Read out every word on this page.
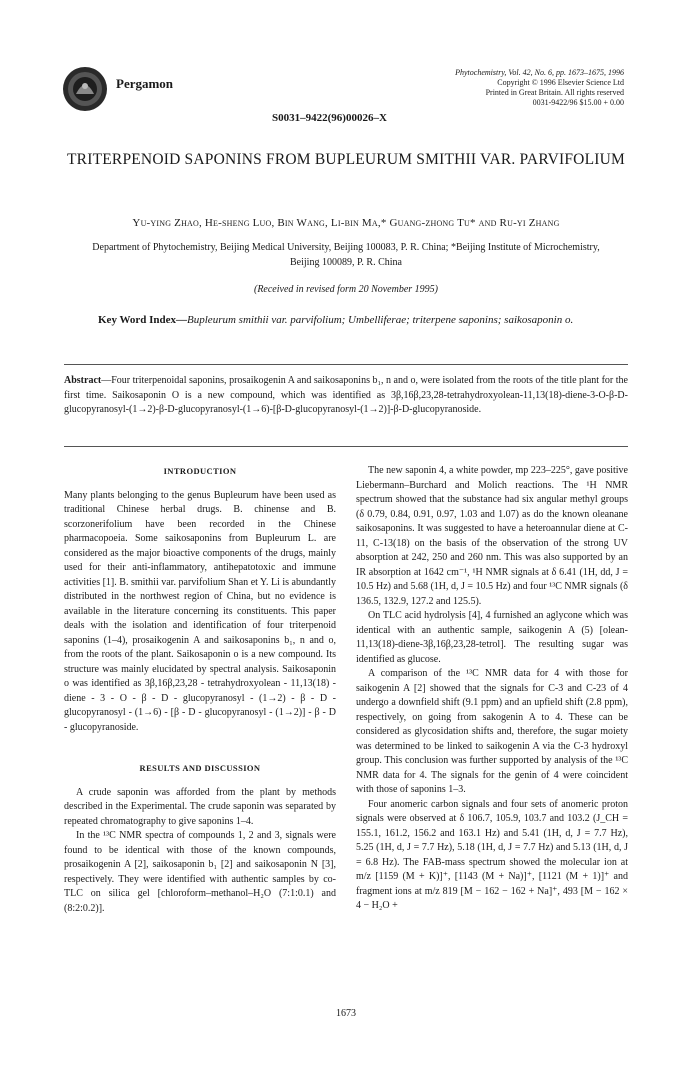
Pergamon
Phytochemistry, Vol. 42, No. 6, pp. 1673–1675, 1996
Copyright © 1996 Elsevier Science Ltd
Printed in Great Britain. All rights reserved
0031-9422/96 $15.00 + 0.00
S0031–9422(96)00026–X
TRITERPENOID SAPONINS FROM BUPLEURUM SMITHII VAR. PARVIFOLIUM
Yu-ying Zhao, He-sheng Luo, Bin Wang, Li-bin Ma,* Guang-zhong Tu* and Ru-yi Zhang
Department of Phytochemistry, Beijing Medical University, Beijing 100083, P. R. China; *Beijing Institute of Microchemistry, Beijing 100089, P. R. China
(Received in revised form 20 November 1995)
Key Word Index—Bupleurum smithii var. parvifolium; Umbelliferae; triterpene saponins; saikosaponin o.
Abstract—Four triterpenoidal saponins, prosaikogenin A and saikosaponins b₁, n and o, were isolated from the roots of the title plant for the first time. Saikosaponin O is a new compound, which was identified as 3β,16β,23,28-tetrahydroxyolean-11,13(18)-diene-3-O-β-D-glucopyranosyl-(1→2)-β-D-glucopyranosyl-(1→6)-[β-D-glucopyranosyl-(1→2)]-β-D-glucopyranoside.
INTRODUCTION

Many plants belonging to the genus Bupleurum have been used as traditional Chinese herbal drugs. B. chinense and B. scorzonerifolium have been recorded in the Chinese pharmacopoeia. Some saikosaponins from Bupleurum L. are considered as the major bioactive components of the drugs, mainly used for their anti-inflammatory, antihepatotoxic and immune activities [1]. B. smithii var. parvifolium Shan et Y. Li is abundantly distributed in the northwest region of China, but no evidence is available in the literature concerning its constituents. This paper deals with the isolation and identification of four triterpenoid saponins (1–4), prosaikogenin A and saikosaponins b₁, n and o, from the roots of the plant. Saikosaponin o is a new compound. Its structure was mainly elucidated by spectral analysis. Saikosaponin o was identified as 3β,16β,23,28 - tetrahydroxyolean - 11,13(18) - diene - 3 - O - β - D - glucopyranosyl - (1→2) - β - D - glucopyranosyl - (1→6) - [β - D - glucopyranosyl - (1→2)] - β - D - glucopyranoside.

RESULTS AND DISCUSSION

A crude saponin was afforded from the plant by methods described in the Experimental. The crude saponin was separated by repeated chromatography to give saponins 1–4.

In the ¹³C NMR spectra of compounds 1, 2 and 3, signals were found to be identical with those of the known compounds, prosaikogenin A [2], saikosaponin b₁ [2] and saikosaponin N [3], respectively. They were identified with authentic samples by co-TLC on silica gel [chloroform–methanol–H₂O (7:1:0.1) and (8:2:0.2)].

The new saponin 4, a white powder, mp 223–225°, gave positive Liebermann–Burchard and Molich reactions. The ¹H NMR spectrum showed that the substance had six angular methyl groups (δ 0.79, 0.84, 0.91, 0.97, 1.03 and 1.07) as do the known oleanane saikosaponins. It was suggested to have a heteroannular diene at C-11, C-13(18) on the basis of the observation of the strong UV absorption at 242, 250 and 260 nm. This was also supported by an IR absorption at 1642 cm⁻¹, ¹H NMR signals at δ 6.41 (1H, dd, J = 10.5 Hz) and 5.68 (1H, d, J = 10.5 Hz) and four ¹³C NMR signals (δ 136.5, 132.9, 127.2 and 125.5).

On TLC acid hydrolysis [4], 4 furnished an aglycone which was identical with an authentic sample, saikogenin A (5) [olean-11,13(18)-diene-3β,16β,23,28-tetrol]. The resulting sugar was identified as glucose.

A comparison of the ¹³C NMR data for 4 with those for saikogenin A [2] showed that the signals for C-3 and C-23 of 4 undergo a downfield shift (9.1 ppm) and an upfield shift (2.8 ppm), respectively, on going from sakogenin A to 4. These can be considered as glycosidation shifts and, therefore, the sugar moiety was determined to be linked to saikogenin A via the C-3 hydroxyl group. This conclusion was further supported by analysis of the ¹³C NMR data for 4. The signals for the genin of 4 were coincident with those of saponins 1–3.

Four anomeric carbon signals and four sets of anomeric proton signals were observed at δ 106.7, 105.9, 103.7 and 103.2 (J_CH = 155.1, 161.2, 156.2 and 163.1 Hz) and 5.41 (1H, d, J = 7.7 Hz), 5.25 (1H, d, J = 7.7 Hz), 5.18 (1H, d, J = 7.7 Hz) and 5.13 (1H, d, J = 6.8 Hz). The FAB-mass spectrum showed the molecular ion at m/z [1159 (M + K)]⁺, [1143 (M + Na)]⁺, [1121 (M + 1)]⁺ and fragment ions at m/z 819 [M − 162 − 162 + Na]⁺, 493 [M − 162 × 4 − H₂O +

1673
